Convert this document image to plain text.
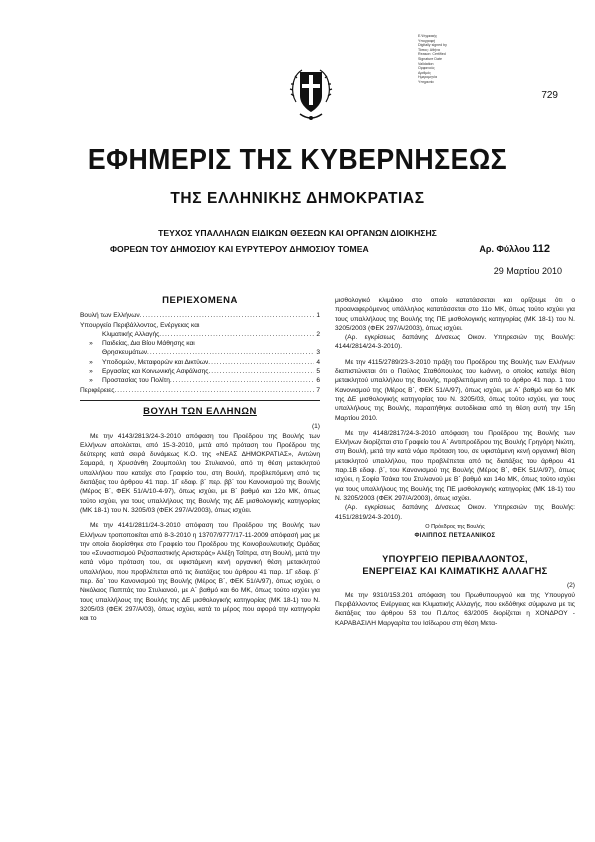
Ε.Ψηφιακής
Υπογραφή
Digitally signed by
Τόπος: Αθήνα
Reason: Certified
Signature Date
Validation
Ορφανούς
Αριθμός
Ημερομηνία
Υπηρεσία
729
ΕΦΗΜΕΡΙΣ ΤΗΣ ΚΥΒΕΡΝΗΣΕΩΣ
ΤΗΣ ΕΛΛΗΝΙΚΗΣ ΔΗΜΟΚΡΑΤΙΑΣ
ΤΕΥΧΟΣ ΥΠΑΛΛΗΛΩΝ ΕΙΔΙΚΩΝ ΘΕΣΕΩΝ ΚΑΙ ΟΡΓΑΝΩΝ ΔΙΟΙΚΗΣΗΣ
ΦΟΡΕΩΝ ΤΟΥ ΔΗΜΟΣΙΟΥ ΚΑΙ ΕΥΡΥΤΕΡΟΥ ΔΗΜΟΣΙΟΥ ΤΟΜΕΑ	Αρ. Φύλλου 112
29 Μαρτίου 2010
ΠΕΡΙΕΧΟΜΕΝΑ
Βουλή των Ελλήνων .....	1
Υπουργείο Περιβάλλοντος, Ενέργειας και
Κλιματικής Αλλαγής .....	2
»	Παιδείας, Δια Βίου Μάθησης και
Θρησκευμάτων .....	3
»	Υποδομών, Μεταφορών και Δικτύων .....	4
»	Εργασίας και Κοινωνικής Ασφάλισης .....	5
»	Προστασίας του Πολίτη .....	6
Περιφέρειες .....	7
ΒΟΥΛΗ ΤΩΝ ΕΛΛΗΝΩΝ
(1)

Με την 4143/2813/24-3-2010 απόφαση του Προέδρου της Βουλής των Ελλήνων απολύεται, από 15-3-2010, μετά από πρόταση του Προέδρου της δεύτερης κατά σειρά δυνάμεως Κ.Ο. της «ΝΕΑΣ ΔΗΜΟΚΡΑΤΙΑΣ», Αντώνη Σαμαρά, η Χρυσάνθη Ζουμπούλη του Στυλιανού, από τη θέση μετακλητού υπαλλήλου που κατείχε στο Γραφείο του, στη Βουλή, προβλεπόμενη από τις διατάξεις του άρθρου 41 παρ. 1Γ εδαφ. β΄ περ. ββ΄ του Κανονισμού της Βουλής (Μέρος Β΄, ΦΕΚ 51/Α/10-4-97), όπως ισχύει, με Β΄ βαθμό και 12ο ΜΚ, όπως τούτο ισχύει, για τους υπαλλήλους της Βουλής της ΔΕ μισθολογικής κατηγορίας (ΜΚ 18-1) του Ν. 3205/03 (ΦΕΚ 297/Α/2003), όπως ισχύει.

Με την 4141/2811/24-3-2010 απόφαση του Προέδρου της Βουλής των Ελλήνων τροποποιείται από 8-3-2010 η 13707/9777/17-11-2009 απόφασή μας με την οποία διορίσθηκε στο Γραφείο του Προέδρου της Κοινοβουλευτικής Ομάδας του «Συνασπισμού Ριζοσπαστικής Αριστεράς» Αλέξη Τσίπρα, στη Βουλή, μετά την κατά νόμο πρόταση του, σε υφιστάμενη κενή οργανική θέση μετακλητού υπαλλήλου, που προβλέπεται από τις διατάξεις του άρθρου 41 παρ. 1Γ εδαφ. β΄ περ. δα΄ του Κανονισμού της Βουλής (Μέρος Β΄, ΦΕΚ 51/Α/97), όπως ισχύει, ο Νικόλαος Παππάς του Στυλιανού, με Α΄ βαθμό και 6ο ΜΚ, όπως τούτο ισχύει για τους υπαλλήλους της Βουλής της ΔΕ μισθολογικής κατηγορίας (ΜΚ 18-1) του Ν. 3205/03 (ΦΕΚ 297/Α/03), όπως ισχύει, κατά το μέρος που αφορά την κατηγορία και το

μισθολογικό κλιμάκιο στο οποίο κατατάσσεται και ορίζουμε ότι ο προαναφερόμενος υπάλληλος κατατάσσεται στο 11ο ΜΚ, όπως τούτο ισχύει για τους υπαλλήλους της Βουλής της ΠΕ μισθολογικής κατηγορίας (ΜΚ 18-1) του Ν. 3205/2003 (ΦΕΚ 297/Α/2003), όπως ισχύει.

(Αρ. εγκρίσεως δαπάνης Δ/νσεως Οικον. Υπηρεσιών της Βουλής: 4144/2814/24-3-2010).

Με την 4115/2789/23-3-2010 πράξη του Προέδρου της Βουλής των Ελλήνων διαπιστώνεται ότι ο Παύλος Σταθόπουλος του Ιωάννη, ο οποίος κατείχε θέση μετακλητού υπαλλήλου της Βουλής, προβλεπόμενη από το άρθρο 41 παρ. 1 του Κανονισμού της (Μέρος Β΄, ΦΕΚ 51/Α/97), όπως ισχύει, με Α΄ βαθμό και 6ο ΜΚ της ΔΕ μισθολογικής κατηγορίας του Ν. 3205/03, όπως τούτο ισχύει, για τους υπαλλήλους της Βουλής, παραιτήθηκε αυτοδίκαια από τη θέση αυτή την 15η Μαρτίου 2010.

Με την 4148/2817/24-3-2010 απόφαση του Προέδρου της Βουλής των Ελλήνων διορίζεται στο Γραφείο του Α΄ Αντιπροέδρου της Βουλής Γρηγόρη Νιώτη, στη Βουλή, μετά την κατά νόμο πρόταση του, σε υφιστάμενη κενή οργανική θέση μετακλητού υπαλλήλου, που προβλέπεται από τις διατάξεις του άρθρου 41 παρ.1Β εδαφ. β΄, του Κανονισμού της Βουλής (Μέρος Β΄, ΦΕΚ 51/Α/97), όπως ισχύει, η Σοφία Τσάκα του Στυλιανού με Β΄ βαθμό και 14ο ΜΚ, όπως τούτο ισχύει για τους υπαλλήλους της Βουλής της ΠΕ μισθολογικής κατηγορίας (ΜΚ 18-1) του Ν. 3205/2003 (ΦΕΚ 297/Α/2003), όπως ισχύει.

(Αρ. εγκρίσεως δαπάνης Δ/νσεως Οικον. Υπηρεσιών της Βουλής: 4151/2819/24-3-2010).

Ο Πρόεδρος της Βουλής
ΦΙΛΙΠΠΟΣ ΠΕΤΣΑΛΝΙΚΟΣ
ΥΠΟΥΡΓΕΙΟ ΠΕΡΙΒΑΛΛΟΝΤΟΣ,
ΕΝΕΡΓΕΙΑΣ ΚΑΙ ΚΛΙΜΑΤΙΚΗΣ ΑΛΛΑΓΗΣ
(2)

Με την 9310/153.201 απόφαση του Πρωθυπουργού και της Υπουργού Περιβάλλοντος Ενέργειας και Κλιματικής Αλλαγής, που εκδόθηκε σύμφωνα με τις διατάξεις του άρθρου 53 του Π.Δ/τος 63/2005 διορίζεται η ΧΟΝΔΡΟΥ - ΚΑΡΑΒΑΣΙΛΗ Μαργαρίτα του Ισίδωρου στη θέση Μετα-
